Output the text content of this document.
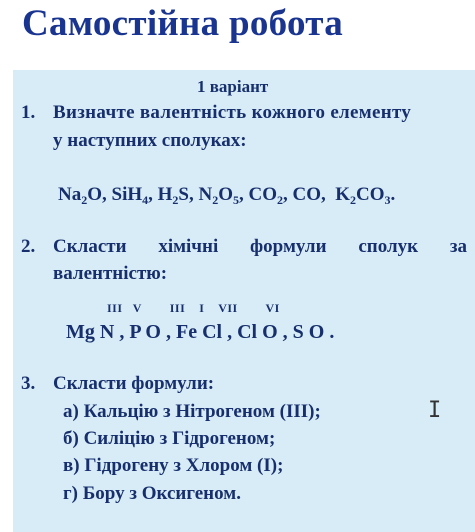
Самостійна робота
1 варіант
1. Визначте валентність кожного елементу
у наступних сполуках:
$Na_2O$, SiH$_4$, $H_2S$, $N_2O_5$, $CO_2$, CO,  $K_2CO_3$.
2. Скласти хімічні формули сполук за
валентністю:
III   V        III    I    VII        VI
Mg N , P O , Fe Cl , Cl O , S O .
3. Скласти формули:
а) Кальцію з Нітрогеном (III);
б) Силіцію з Гідрогеном;
в) Гідрогену з Хлором (I);
г) Бору з Оксигеном.
I
